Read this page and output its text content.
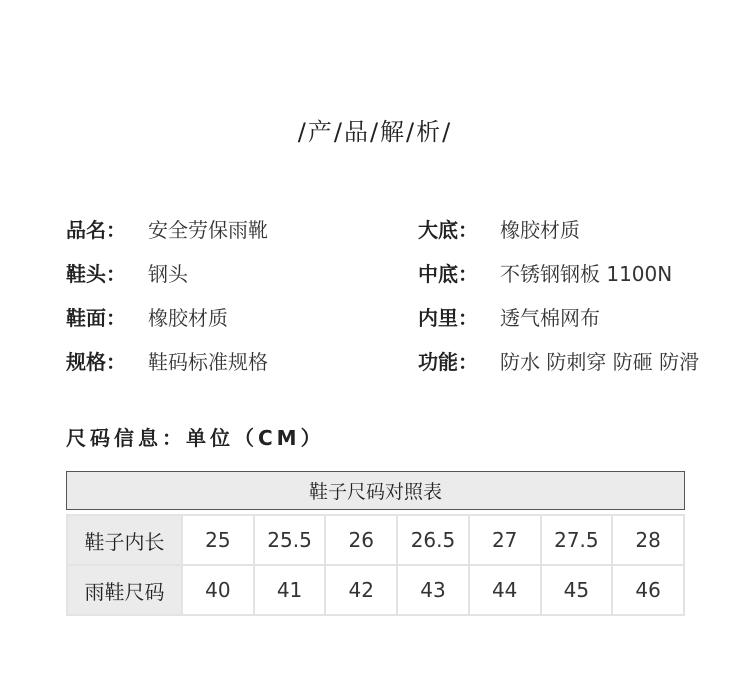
/产/品/解/析/
品名：	安全劳保雨靴	大底：	橡胶材质
鞋头：	钢头	中底：	不锈钢钢板 1100N
鞋面：	橡胶材质	内里：	透气棉网布
规格：	鞋码标准规格	功能：	防水 防刺穿 防砸 防滑
尺码信息：单位（CM）
鞋子尺码对照表
鞋子内长	25	25.5	26	26.5	27	27.5	28
雨鞋尺码	40	41	42	43	44	45	46
